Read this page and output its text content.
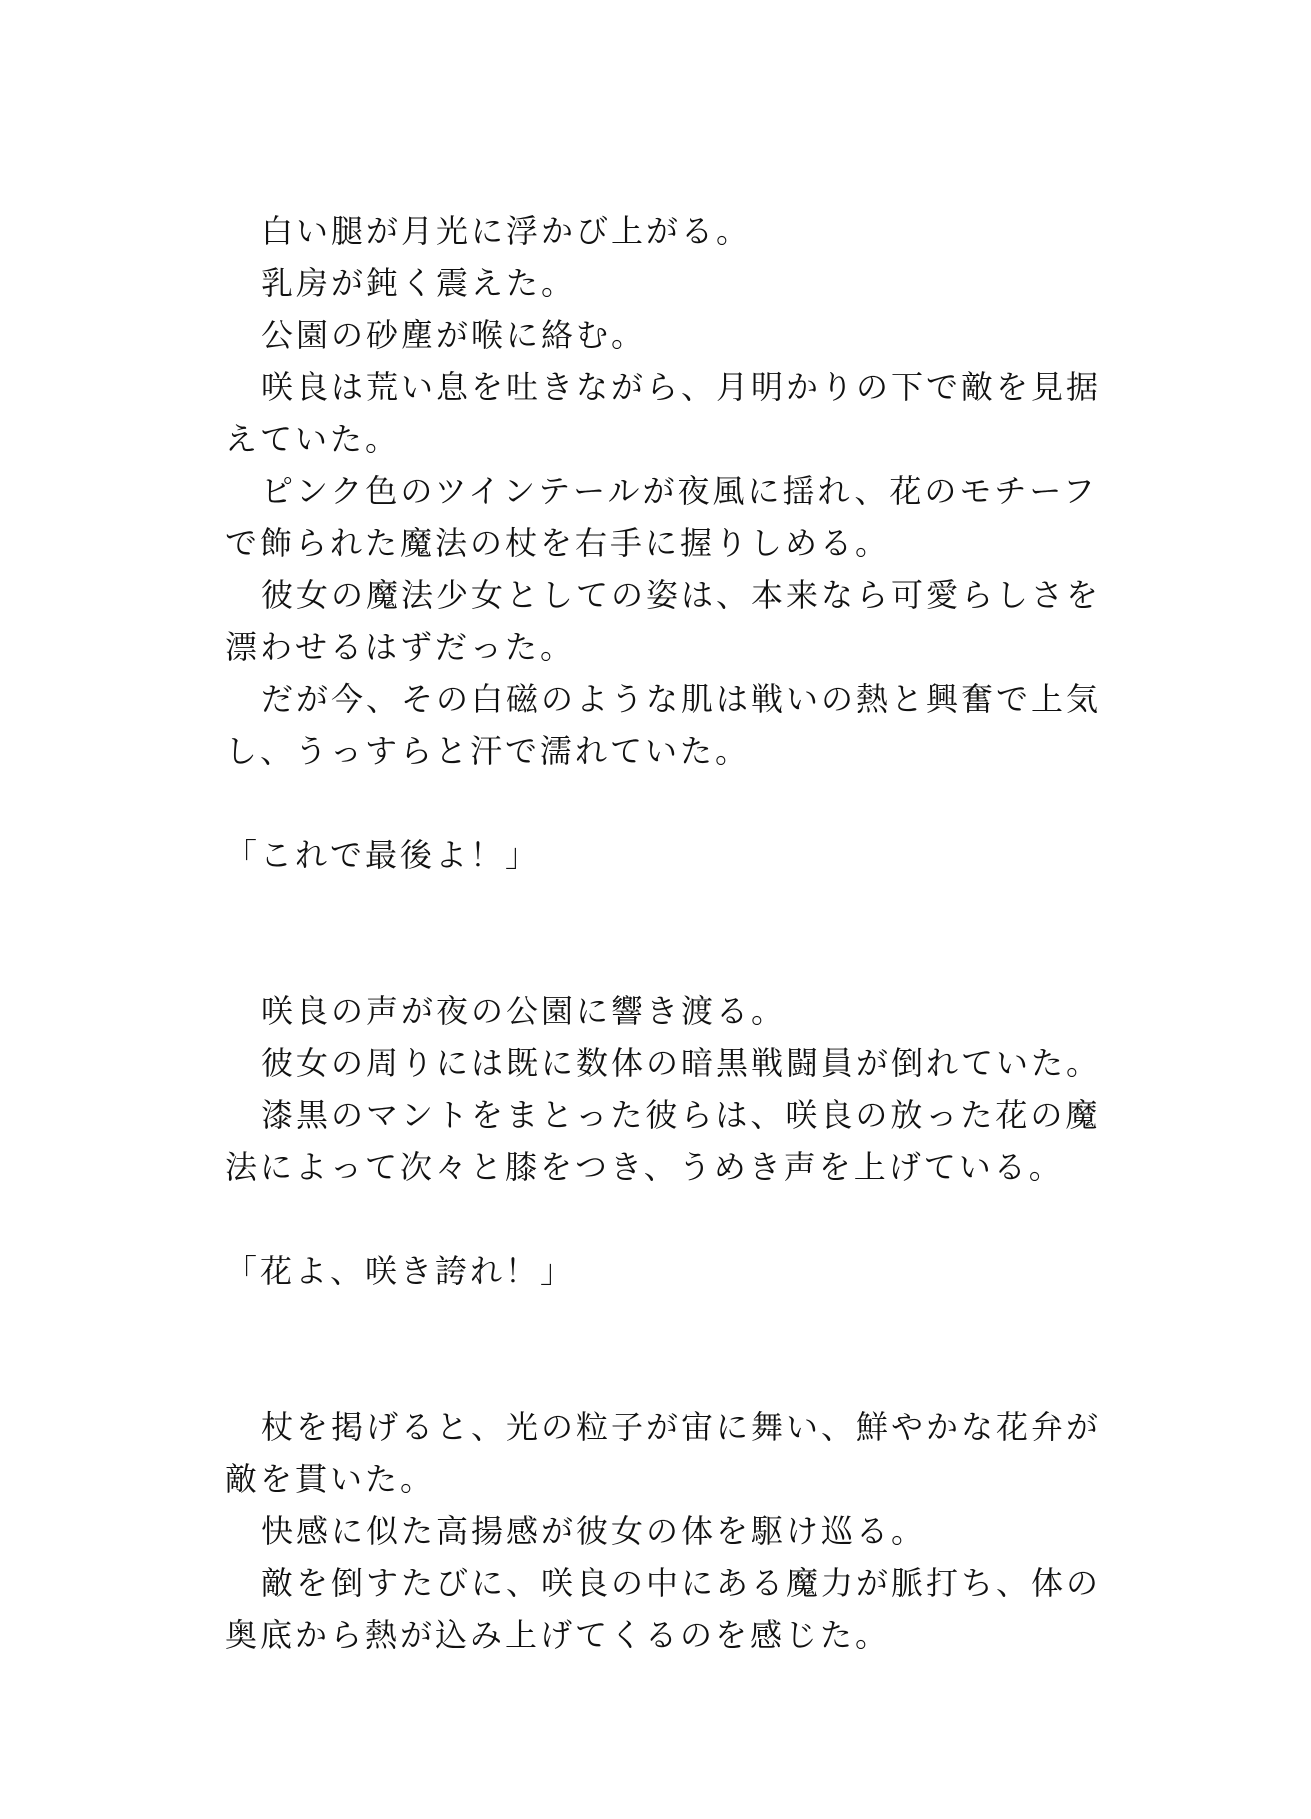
白い腿が月光に浮かび上がる。
乳房が鈍く震えた。
公園の砂塵が喉に絡む。
咲良は荒い息を吐きながら、月明かりの下で敵を見据
えていた。
ピンク色のツインテールが夜風に揺れ、花のモチーフ
で飾られた魔法の杖を右手に握りしめる。
彼女の魔法少女としての姿は、本来なら可愛らしさを
漂わせるはずだった。
だが今、その白磁のような肌は戦いの熱と興奮で上気
し、うっすらと汗で濡れていた。
「これで最後よ！」
咲良の声が夜の公園に響き渡る。
彼女の周りには既に数体の暗黒戦闘員が倒れていた。
漆黒のマントをまとった彼らは、咲良の放った花の魔
法によって次々と膝をつき、うめき声を上げている。
「花よ、咲き誇れ！」
杖を掲げると、光の粒子が宙に舞い、鮮やかな花弁が
敵を貫いた。
快感に似た高揚感が彼女の体を駆け巡る。
敵を倒すたびに、咲良の中にある魔力が脈打ち、体の
奥底から熱が込み上げてくるのを感じた。
